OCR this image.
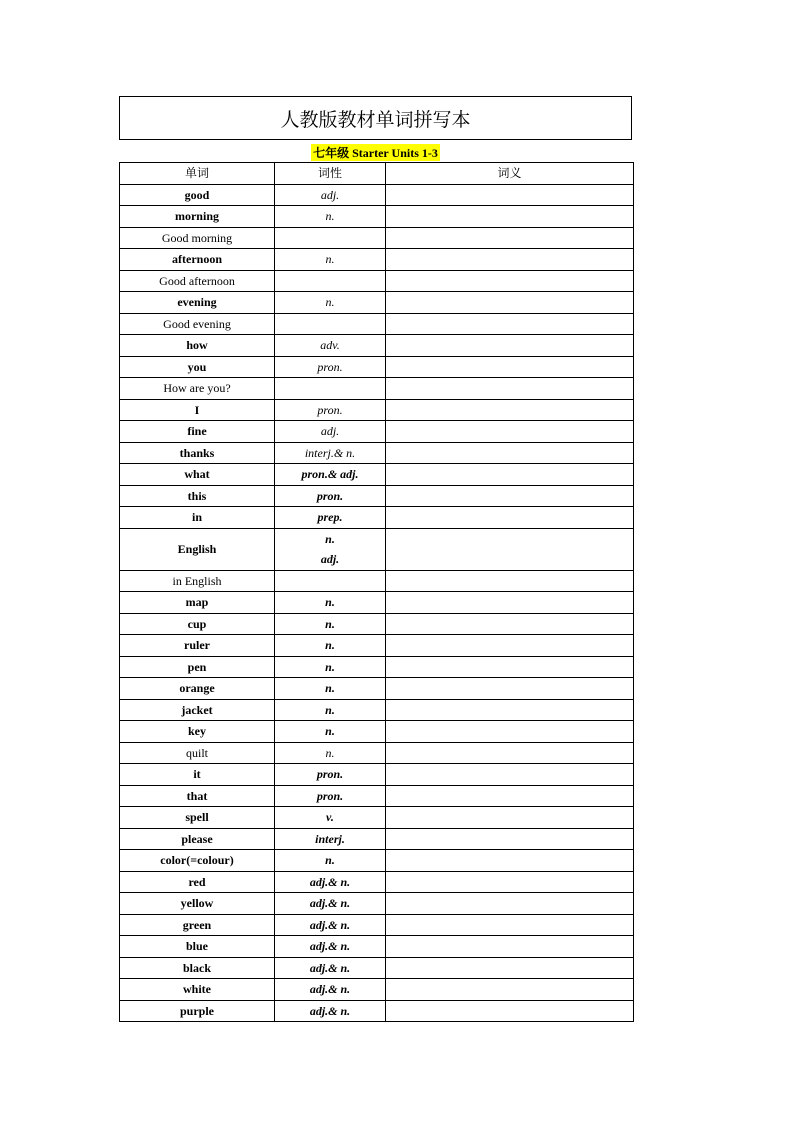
人教版教材单词拼写本
七年级 Starter Units 1-3
单词	词性	词义
good	adj.	

morning	n.	

Good morning		
afternoon	n.	

Good afternoon		
evening	n.	

Good evening		
how	adv.	

you	pron.	

How are you?		
I	pron.	

fine	adj.	

thanks	interj.& n.	

what	pron.& adj.	

this	pron.	

in	prep.	

English	n.
adj.	

in English		
map	n.	

cup	n.	

ruler	n.	

pen	n.	

orange	n.	

jacket	n.	

key	n.	

quilt	n.	

it	pron.	

that	pron.	

spell	v.	

please	interj.	

color(=colour)	n.	

red	adj.& n.	

yellow	adj.& n.	

green	adj.& n.	

blue	adj.& n.	

black	adj.& n.	

white	adj.& n.	

purple	adj.& n.	
